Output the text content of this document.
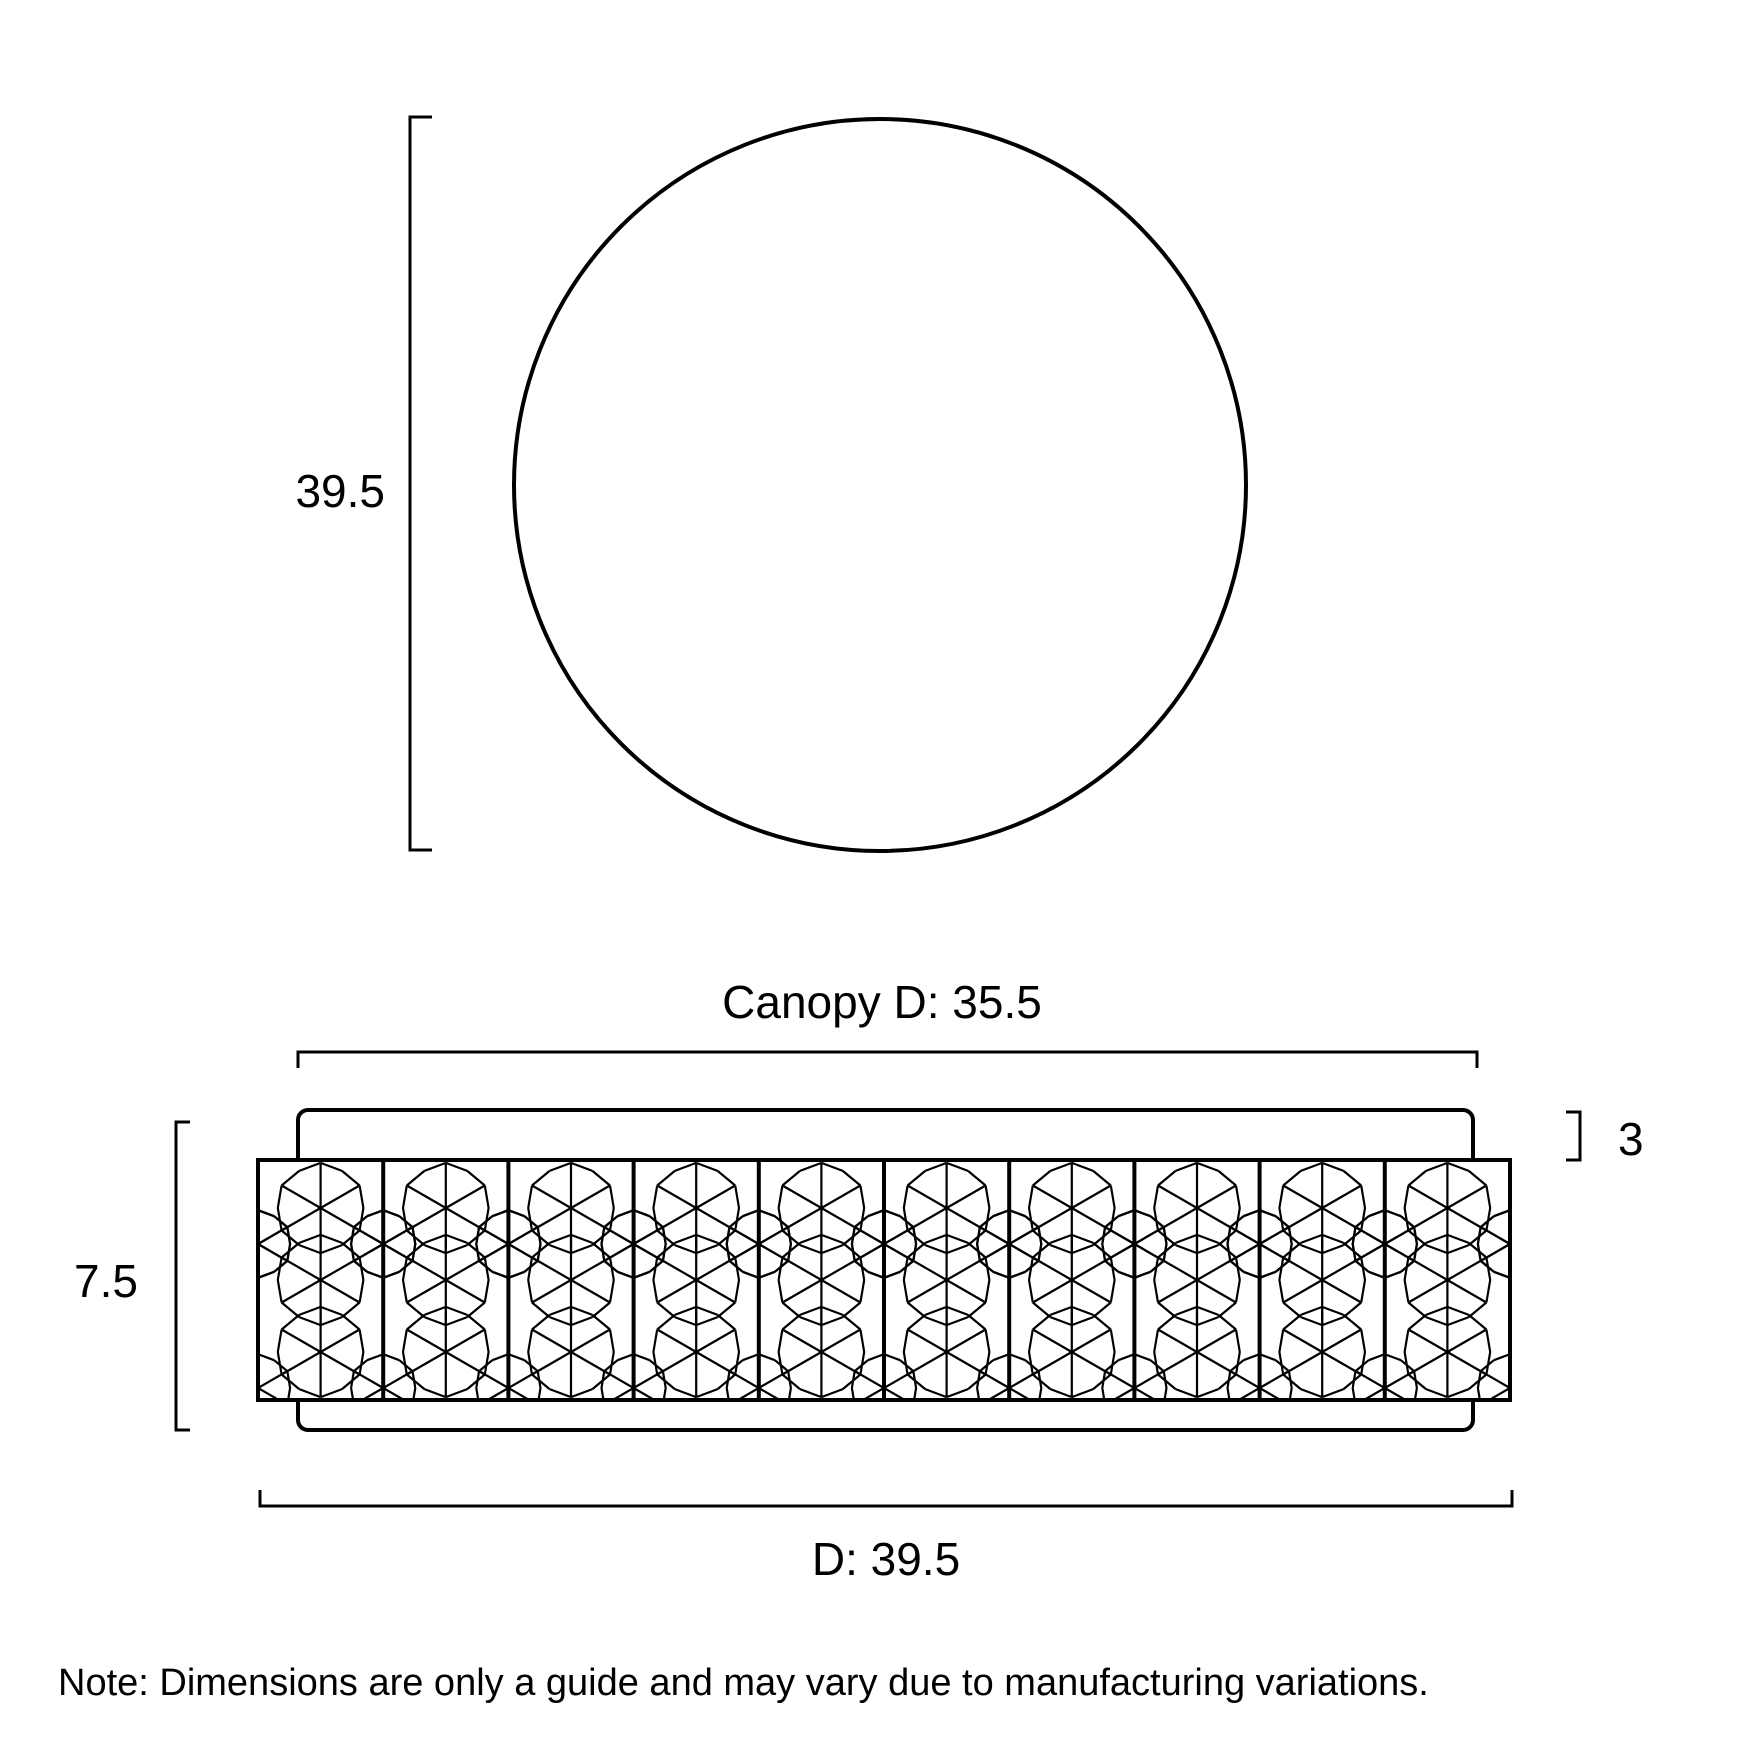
39.5
Canopy D: 35.5
3
7.5
D: 39.5
Note: Dimensions are only a guide and may vary due to manufacturing variations.
